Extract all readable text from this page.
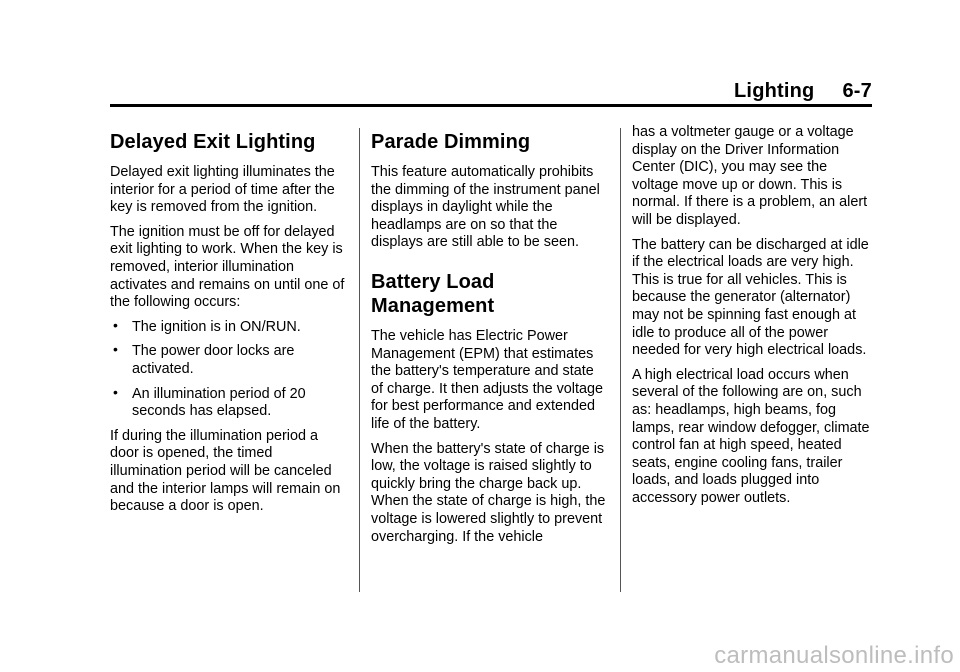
Lighting 6-7
Delayed Exit Lighting

Delayed exit lighting illuminates the interior for a period of time after the key is removed from the ignition.

The ignition must be off for delayed exit lighting to work. When the key is removed, interior illumination activates and remains on until one of the following occurs:

• The ignition is in ON/RUN.
• The power door locks are activated.
• An illumination period of 20 seconds has elapsed.

If during the illumination period a door is opened, the timed illumination period will be canceled and the interior lamps will remain on because a door is open.

Parade Dimming

This feature automatically prohibits the dimming of the instrument panel displays in daylight while the headlamps are on so that the displays are still able to be seen.

Battery Load Management

The vehicle has Electric Power Management (EPM) that estimates the battery's temperature and state of charge. It then adjusts the voltage for best performance and extended life of the battery.

When the battery's state of charge is low, the voltage is raised slightly to quickly bring the charge back up. When the state of charge is high, the voltage is lowered slightly to prevent overcharging. If the vehicle

has a voltmeter gauge or a voltage display on the Driver Information Center (DIC), you may see the voltage move up or down. This is normal. If there is a problem, an alert will be displayed.

The battery can be discharged at idle if the electrical loads are very high. This is true for all vehicles. This is because the generator (alternator) may not be spinning fast enough at idle to produce all of the power needed for very high electrical loads.

A high electrical load occurs when several of the following are on, such as: headlamps, high beams, fog lamps, rear window defogger, climate control fan at high speed, heated seats, engine cooling fans, trailer loads, and loads plugged into accessory power outlets.

carmanualsonline.info
